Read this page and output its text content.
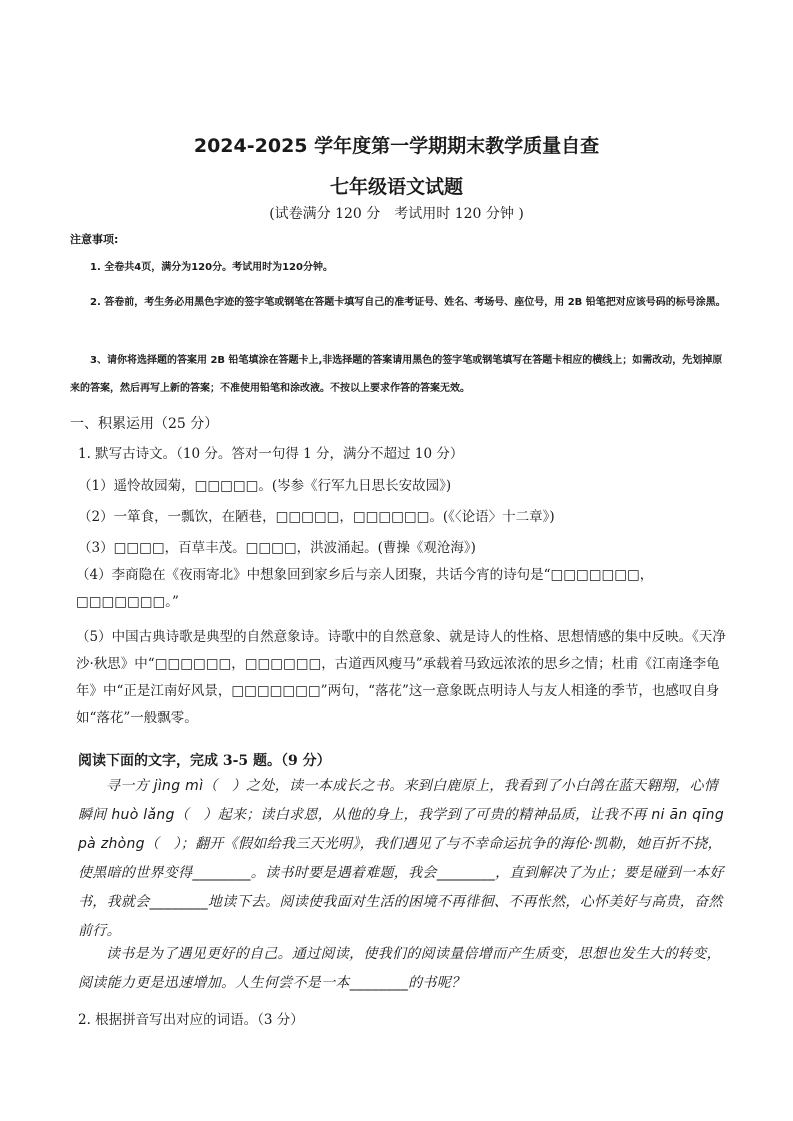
2024-2025 学年度第一学期期末教学质量自查
七年级语文试题
(试卷满分 120 分　考试用时 120 分钟 )
注意事项:
1. 全卷共4页，满分为120分。考试用时为120分钟。
2. 答卷前，考生务必用黑色字迹的签字笔或钢笔在答题卡填写自己的准考证号、姓名、考场号、座位号，用 2B 铅笔把对应该号码的标号涂黑。
3、请你将选择题的答案用 2B 铅笔填涂在答题卡上,非选择题的答案请用黑色的签字笔或钢笔填写在答题卡相应的横线上；如需改动，先划掉原来的答案，然后再写上新的答案；不准使用铅笔和涂改液。不按以上要求作答的答案无效。
一、积累运用（25 分）
1. 默写古诗文。（10 分。答对一句得 1 分，满分不超过 10 分）
（1）遥怜故园菊，□□□□□。(岑参《行军九日思长安故园》)
（2）一箪食，一瓢饮，在陋巷，□□□□□，□□□□□□。(《〈论语〉十二章》)
（3）□□□□，百草丰茂。□□□□，洪波涌起。(曹操《观沧海》)
（4）李商隐在《夜雨寄北》中想象回到家乡后与亲人团聚，共话今宵的诗句是“□□□□□□□，□□□□□□□。”
（5）中国古典诗歌是典型的自然意象诗。诗歌中的自然意象、就是诗人的性格、思想情感的集中反映。《天净沙·秋思》中“□□□□□□，□□□□□□，古道西风瘦马”承载着马致远浓浓的思乡之情；杜甫《江南逢李龟年》中“正是江南好风景，□□□□□□□”两句，“落花”这一意象既点明诗人与友人相逢的季节，也感叹自身如“落花”一般飘零。
阅读下面的文字，完成 3-5 题。（9 分）
寻一方 jìng mì（　）之处，读一本成长之书。来到白鹿原上，我看到了小白鸽在蓝天翱翔，心情瞬间 huò lǎng（　）起来；读白求恩，从他的身上，我学到了可贵的精神品质，让我不再 ni ān qīng pà zhòng（　）；翻开《假如给我三天光明》，我们遇见了与不幸命运抗争的海伦·凯勒，她百折不挠，使黑暗的世界变得________。读书时要是遇着难题，我会________，直到解决了为止；要是碰到一本好书，我就会________地读下去。阅读使我面对生活的困境不再徘徊、不再怅然，心怀美好与高贵，奋然前行。
读书是为了遇见更好的自己。通过阅读，使我们的阅读量倍增而产生质变，思想也发生大的转变，阅读能力更是迅速增加。人生何尝不是一本________的书呢？
2. 根据拼音写出对应的词语。（3 分）
